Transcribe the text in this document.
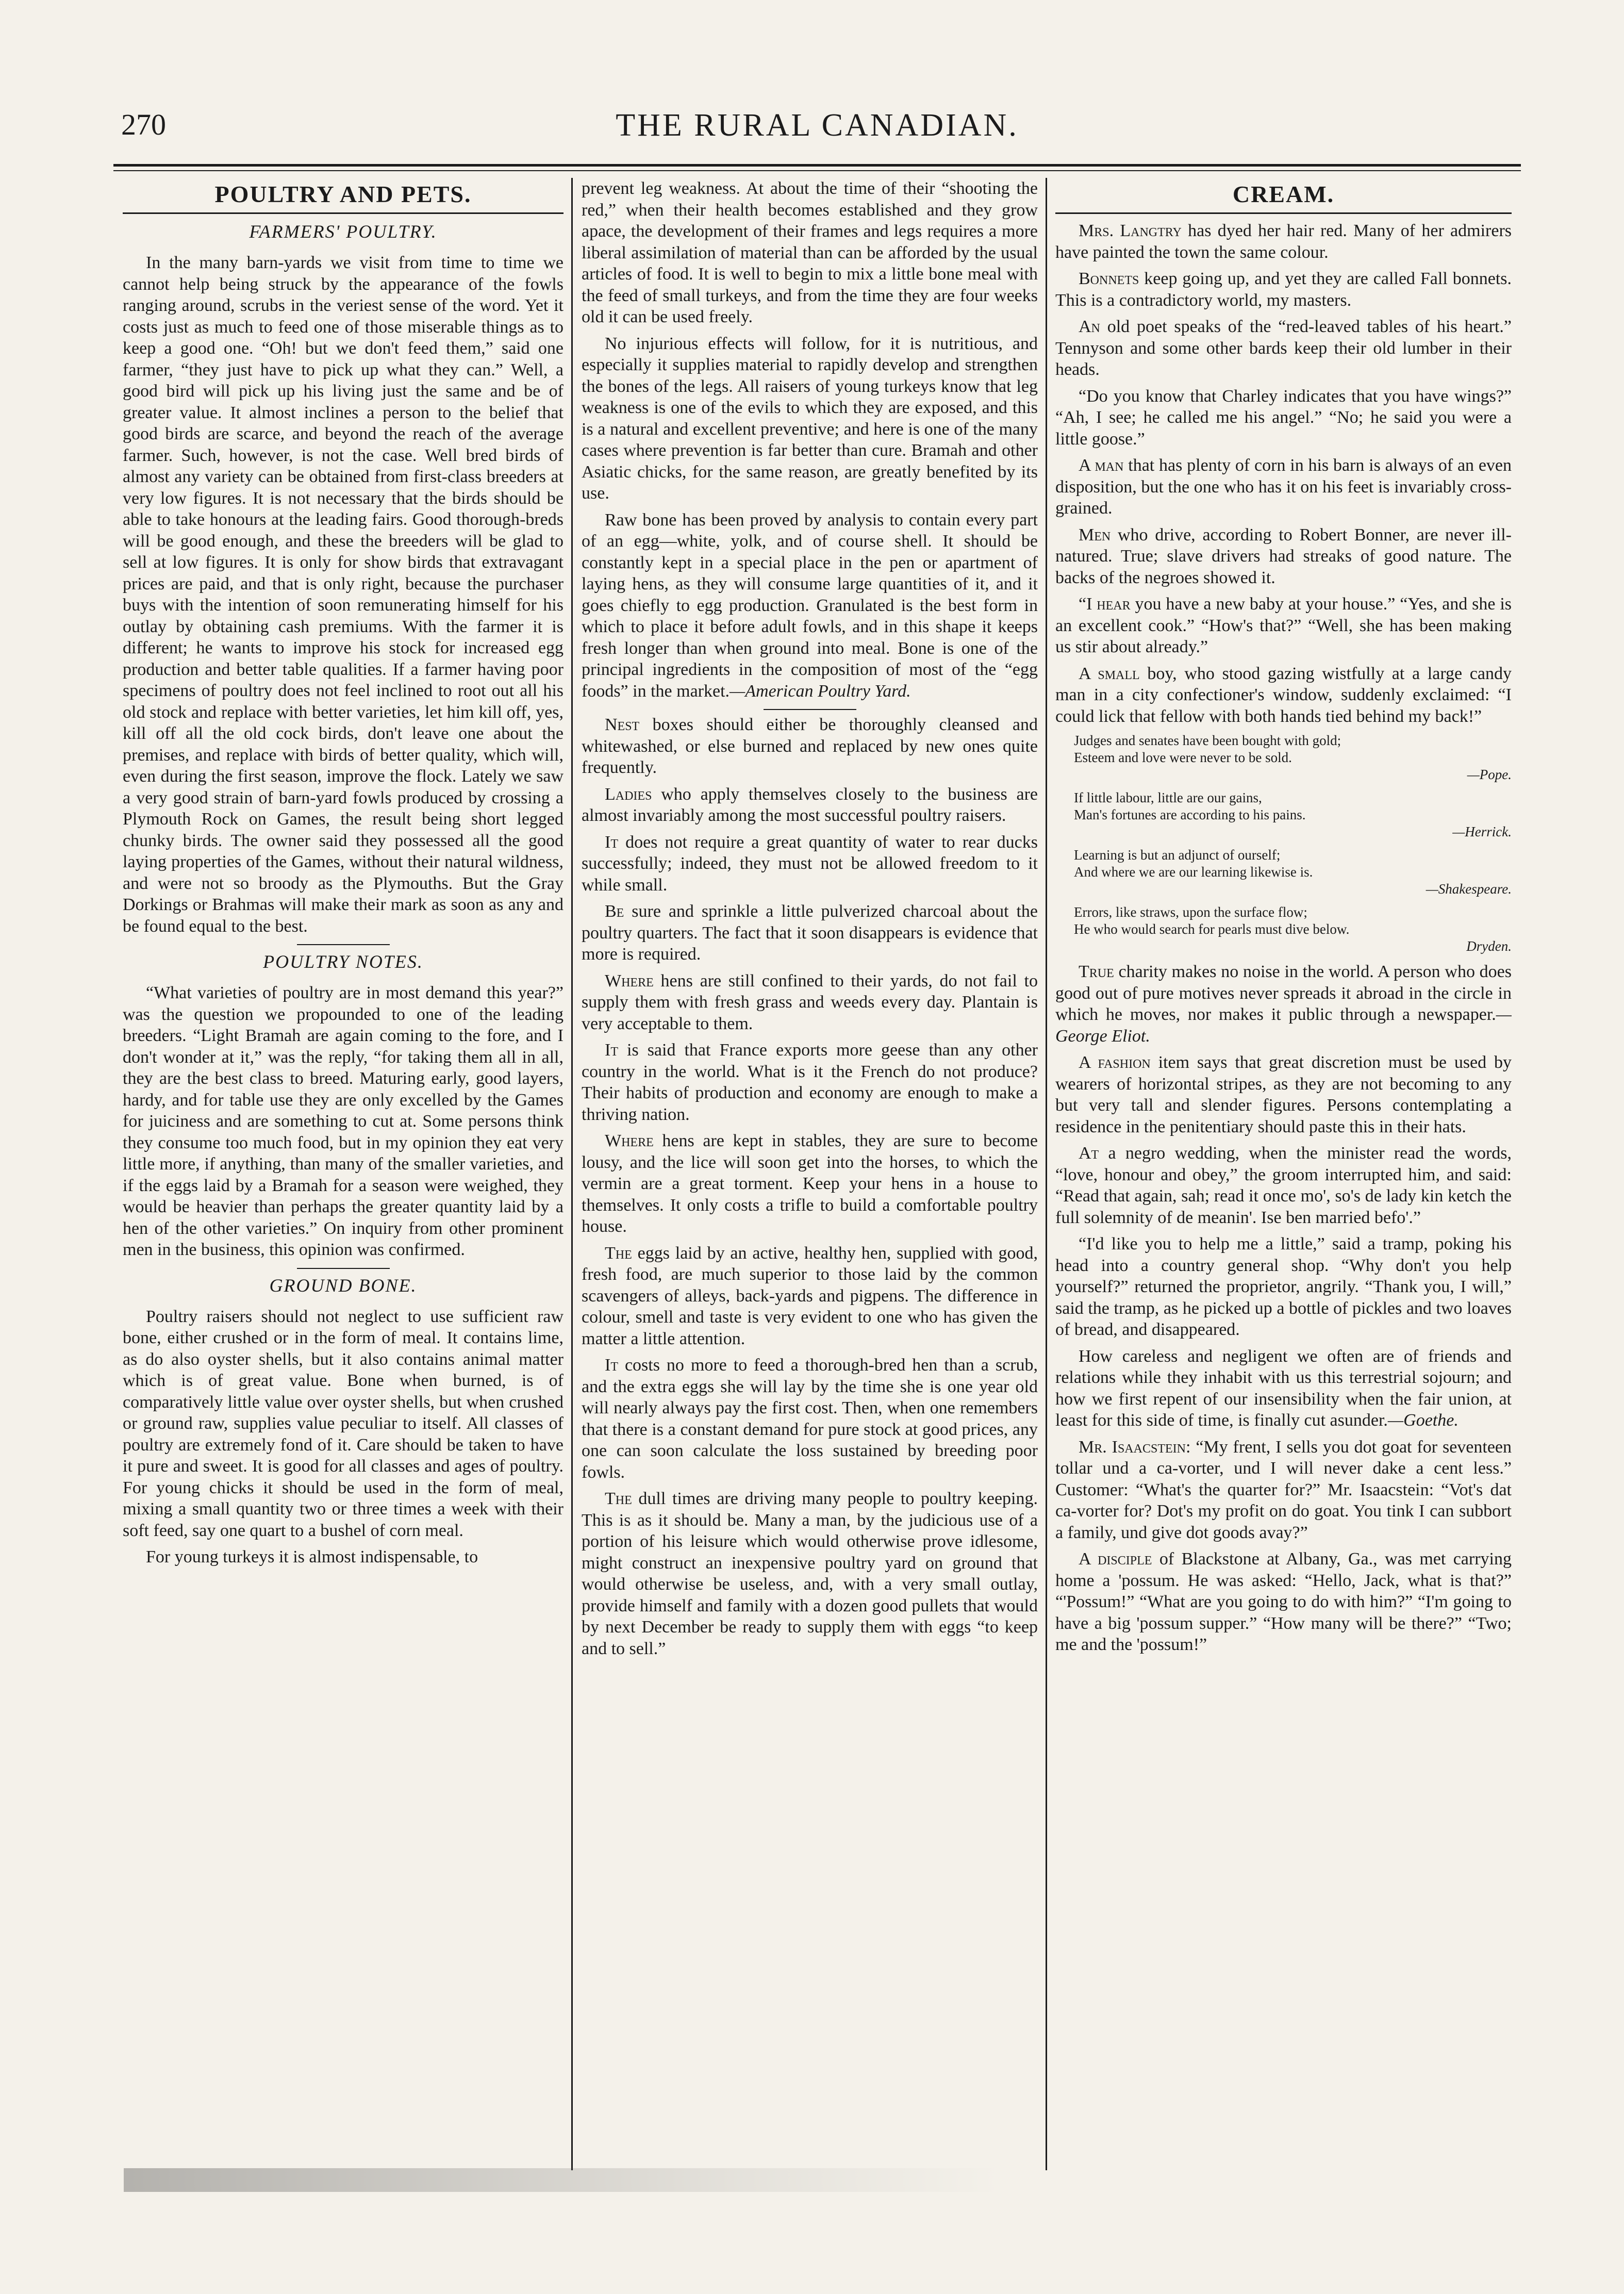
270	THE RURAL CANADIAN.
POULTRY AND PETS.
FARMERS' POULTRY.

In the many barn-yards we visit from time to time we cannot help being struck by the appearance of the fowls ranging around, scrubs in the veriest sense of the word. Yet it costs just as much to feed one of those miserable things as to keep a good one. “Oh! but we don't feed them,” said one farmer, “they just have to pick up what they can.” Well, a good bird will pick up his living just the same and be of greater value. It almost inclines a person to the belief that good birds are scarce, and beyond the reach of the average farmer. Such, however, is not the case. Well bred birds of almost any variety can be obtained from first-class breeders at very low figures. It is not necessary that the birds should be able to take honours at the leading fairs. Good thorough-breds will be good enough, and these the breeders will be glad to sell at low figures. It is only for show birds that extravagant prices are paid, and that is only right, because the purchaser buys with the intention of soon remunerating himself for his outlay by obtaining cash premiums. With the farmer it is different; he wants to improve his stock for increased egg production and better table qualities. If a farmer having poor specimens of poultry does not feel inclined to root out all his old stock and replace with better varieties, let him kill off, yes, kill off all the old cock birds, don't leave one about the premises, and replace with birds of better quality, which will, even during the first season, improve the flock. Lately we saw a very good strain of barn-yard fowls produced by crossing a Plymouth Rock on Games, the result being short legged chunky birds. The owner said they possessed all the good laying properties of the Games, without their natural wildness, and were not so broody as the Plymouths. But the Gray Dorkings or Brahmas will make their mark as soon as any and be found equal to the best.

POULTRY NOTES.

“What varieties of poultry are in most demand this year?” was the question we propounded to one of the leading breeders. “Light Bramah are again coming to the fore, and I don't wonder at it,” was the reply, “for taking them all in all, they are the best class to breed. Maturing early, good layers, hardy, and for table use they are only excelled by the Games for juiciness and are something to cut at. Some persons think they consume too much food, but in my opinion they eat very little more, if anything, than many of the smaller varieties, and if the eggs laid by a Bramah for a season were weighed, they would be heavier than perhaps the greater quantity laid by a hen of the other varieties.” On inquiry from other prominent men in the business, this opinion was confirmed.

GROUND BONE.

Poultry raisers should not neglect to use sufficient raw bone, either crushed or in the form of meal. It contains lime, as do also oyster shells, but it also contains animal matter which is of great value. Bone when burned, is of comparatively little value over oyster shells, but when crushed or ground raw, supplies value peculiar to itself. All classes of poultry are extremely fond of it. Care should be taken to have it pure and sweet. It is good for all classes and ages of poultry. For young chicks it should be used in the form of meal, mixing a small quantity two or three times a week with their soft feed, say one quart to a bushel of corn meal.

For young turkeys it is almost indispensable, to

prevent leg weakness. At about the time of their “shooting the red,” when their health becomes established and they grow apace, the development of their frames and legs requires a more liberal assimilation of material than can be afforded by the usual articles of food. It is well to begin to mix a little bone meal with the feed of small turkeys, and from the time they are four weeks old it can be used freely.

No injurious effects will follow, for it is nutritious, and especially it supplies material to rapidly develop and strengthen the bones of the legs. All raisers of young turkeys know that leg weakness is one of the evils to which they are exposed, and this is a natural and excellent preventive; and here is one of the many cases where prevention is far better than cure. Bramah and other Asiatic chicks, for the same reason, are greatly benefited by its use.

Raw bone has been proved by analysis to contain every part of an egg—white, yolk, and of course shell. It should be constantly kept in a special place in the pen or apartment of laying hens, as they will consume large quantities of it, and it goes chiefly to egg production. Granulated is the best form in which to place it before adult fowls, and in this shape it keeps fresh longer than when ground into meal. Bone is one of the principal ingredients in the composition of most of the “egg foods” in the market.—American Poultry Yard.

Nest boxes should either be thoroughly cleansed and whitewashed, or else burned and replaced by new ones quite frequently.

Ladies who apply themselves closely to the business are almost invariably among the most successful poultry raisers.

It does not require a great quantity of water to rear ducks successfully; indeed, they must not be allowed freedom to it while small.

Be sure and sprinkle a little pulverized charcoal about the poultry quarters. The fact that it soon disappears is evidence that more is required.

Where hens are still confined to their yards, do not fail to supply them with fresh grass and weeds every day. Plantain is very acceptable to them.

It is said that France exports more geese than any other country in the world. What is it the French do not produce? Their habits of production and economy are enough to make a thriving nation.

Where hens are kept in stables, they are sure to become lousy, and the lice will soon get into the horses, to which the vermin are a great torment. Keep your hens in a house to themselves. It only costs a trifle to build a comfortable poultry house.

The eggs laid by an active, healthy hen, supplied with good, fresh food, are much superior to those laid by the common scavengers of alleys, back-yards and pigpens. The difference in colour, smell and taste is very evident to one who has given the matter a little attention.

It costs no more to feed a thorough-bred hen than a scrub, and the extra eggs she will lay by the time she is one year old will nearly always pay the first cost. Then, when one remembers that there is a constant demand for pure stock at good prices, any one can soon calculate the loss sustained by breeding poor fowls.

The dull times are driving many people to poultry keeping. This is as it should be. Many a man, by the judicious use of a portion of his leisure which would otherwise prove idlesome, might construct an inexpensive poultry yard on ground that would otherwise be useless, and, with a very small outlay, provide himself and family with a dozen good pullets that would by next December be ready to supply them with eggs “to keep and to sell.”

CREAM.

Mrs. Langtry has dyed her hair red. Many of her admirers have painted the town the same colour.

Bonnets keep going up, and yet they are called Fall bonnets. This is a contradictory world, my masters.

An old poet speaks of the “red-leaved tables of his heart.” Tennyson and some other bards keep their old lumber in their heads.

“Do you know that Charley indicates that you have wings?” “Ah, I see; he called me his angel.” “No; he said you were a little goose.”

A man that has plenty of corn in his barn is always of an even disposition, but the one who has it on his feet is invariably cross-grained.

Men who drive, according to Robert Bonner, are never ill-natured. True; slave drivers had streaks of good nature. The backs of the negroes showed it.

“I hear you have a new baby at your house.” “Yes, and she is an excellent cook.” “How's that?” “Well, she has been making us stir about already.”

A small boy, who stood gazing wistfully at a large candy man in a city confectioner's window, suddenly exclaimed: “I could lick that fellow with both hands tied behind my back!”

Judges and senates have been bought with gold;
Esteem and love were never to be sold.
—Pope.
If little labour, little are our gains,
Man's fortunes are according to his pains.
—Herrick.
Learning is but an adjunct of ourself;
And where we are our learning likewise is.
—Shakespeare.
Errors, like straws, upon the surface flow;
He who would search for pearls must dive below.
Dryden.

True charity makes no noise in the world. A person who does good out of pure motives never spreads it abroad in the circle in which he moves, nor makes it public through a newspaper.—George Eliot.

A fashion item says that great discretion must be used by wearers of horizontal stripes, as they are not becoming to any but very tall and slender figures. Persons contemplating a residence in the penitentiary should paste this in their hats.

At a negro wedding, when the minister read the words, “love, honour and obey,” the groom interrupted him, and said: “Read that again, sah; read it once mo', so's de lady kin ketch the full solemnity of de meanin'. Ise ben married befo'.”

“I'd like you to help me a little,” said a tramp, poking his head into a country general shop. “Why don't you help yourself?” returned the proprietor, angrily. “Thank you, I will,” said the tramp, as he picked up a bottle of pickles and two loaves of bread, and disappeared.

How careless and negligent we often are of friends and relations while they inhabit with us this terrestrial sojourn; and how we first repent of our insensibility when the fair union, at least for this side of time, is finally cut asunder.—Goethe.

Mr. Isaacstein: “My frent, I sells you dot goat for seventeen tollar und a ca-vorter, und I will never dake a cent less.” Customer: “What's the quarter for?” Mr. Isaacstein: “Vot's dat ca-vorter for? Dot's my profit on do goat. You tink I can subbort a family, und give dot goods avay?”

A disciple of Blackstone at Albany, Ga., was met carrying home a 'possum. He was asked: “Hello, Jack, what is that?” “'Possum!” “What are you going to do with him?” “I'm going to have a big 'possum supper.” “How many will be there?” “Two; me and the 'possum!”
